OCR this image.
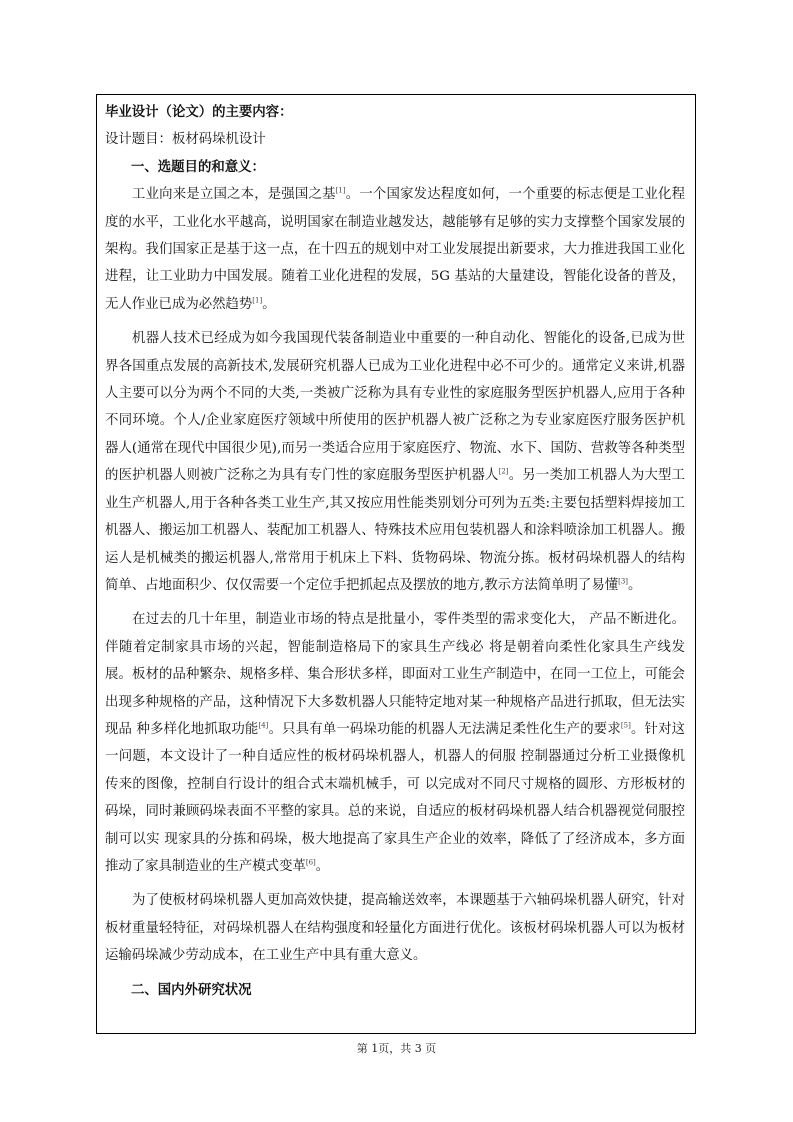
毕业设计（论文）的主要内容：

设计题目：板材码垛机设计

一、选题目的和意义：

工业向来是立国之本，是强国之基[1]。一个国家发达程度如何，一个重要的标志便是工业化程度的水平，工业化水平越高，说明国家在制造业越发达，越能够有足够的实力支撑整个国家发展的架构。我们国家正是基于这一点，在十四五的规划中对工业发展提出新要求，大力推进我国工业化进程，让工业助力中国发展。随着工业化进程的发展，5G 基站的大量建设，智能化设备的普及，无人作业已成为必然趋势[1]。

机器人技术已经成为如今我国现代装备制造业中重要的一种自动化、智能化的设备,已成为世界各国重点发展的高新技术,发展研究机器人已成为工业化进程中必不可少的。通常定义来讲,机器人主要可以分为两个不同的大类,一类被广泛称为具有专业性的家庭服务型医护机器人,应用于各种不同环境。个人/企业家庭医疗领域中所使用的医护机器人被广泛称之为专业家庭医疗服务医护机器人(通常在现代中国很少见),而另一类适合应用于家庭医疗、物流、水下、国防、营救等各种类型的医护机器人则被广泛称之为具有专门性的家庭服务型医护机器人[2]。另一类加工机器人为大型工业生产机器人,用于各种各类工业生产,其又按应用性能类别划分可列为五类:主要包括塑料焊接加工机器人、搬运加工机器人、装配加工机器人、特殊技术应用包装机器人和涂料喷涂加工机器人。搬运人是机械类的搬运机器人,常常用于机床上下料、货物码垛、物流分拣。板材码垛机器人的结构简单、占地面积少、仅仅需要一个定位手把抓起点及摆放的地方,教示方法简单明了易懂[3]。

在过去的几十年里，制造业市场的特点是批量小，零件类型的需求变化大， 产品不断进化。伴随着定制家具市场的兴起，智能制造格局下的家具生产线必 将是朝着向柔性化家具生产线发展。板材的品种繁杂、规格多样、集合形状多样，即面对工业生产制造中，在同一工位上，可能会出现多种规格的产品，这种情况下大多数机器人只能特定地对某一种规格产品进行抓取，但无法实现品 种多样化地抓取功能[4]。只具有单一码垛功能的机器人无法满足柔性化生产的要求[5]。针对这一问题，本文设计了一种自适应性的板材码垛机器人，机器人的伺服 控制器通过分析工业摄像机传来的图像，控制自行设计的组合式末端机械手，可 以完成对不同尺寸规格的圆形、方形板材的码垛，同时兼顾码垛表面不平整的家具。总的来说，自适应的板材码垛机器人结合机器视觉伺服控制可以实 现家具的分拣和码垛，极大地提高了家具生产企业的效率，降低了了经济成本，多方面推动了家具制造业的生产模式变革[6]。

为了使板材码垛机器人更加高效快捷，提高输送效率，本课题基于六轴码垛机器人研究，针对板材重量轻特征，对码垛机器人在结构强度和轻量化方面进行优化。该板材码垛机器人可以为板材运输码垛减少劳动成本，在工业生产中具有重大意义。

二、国内外研究状况

第 1页，共 3 页
